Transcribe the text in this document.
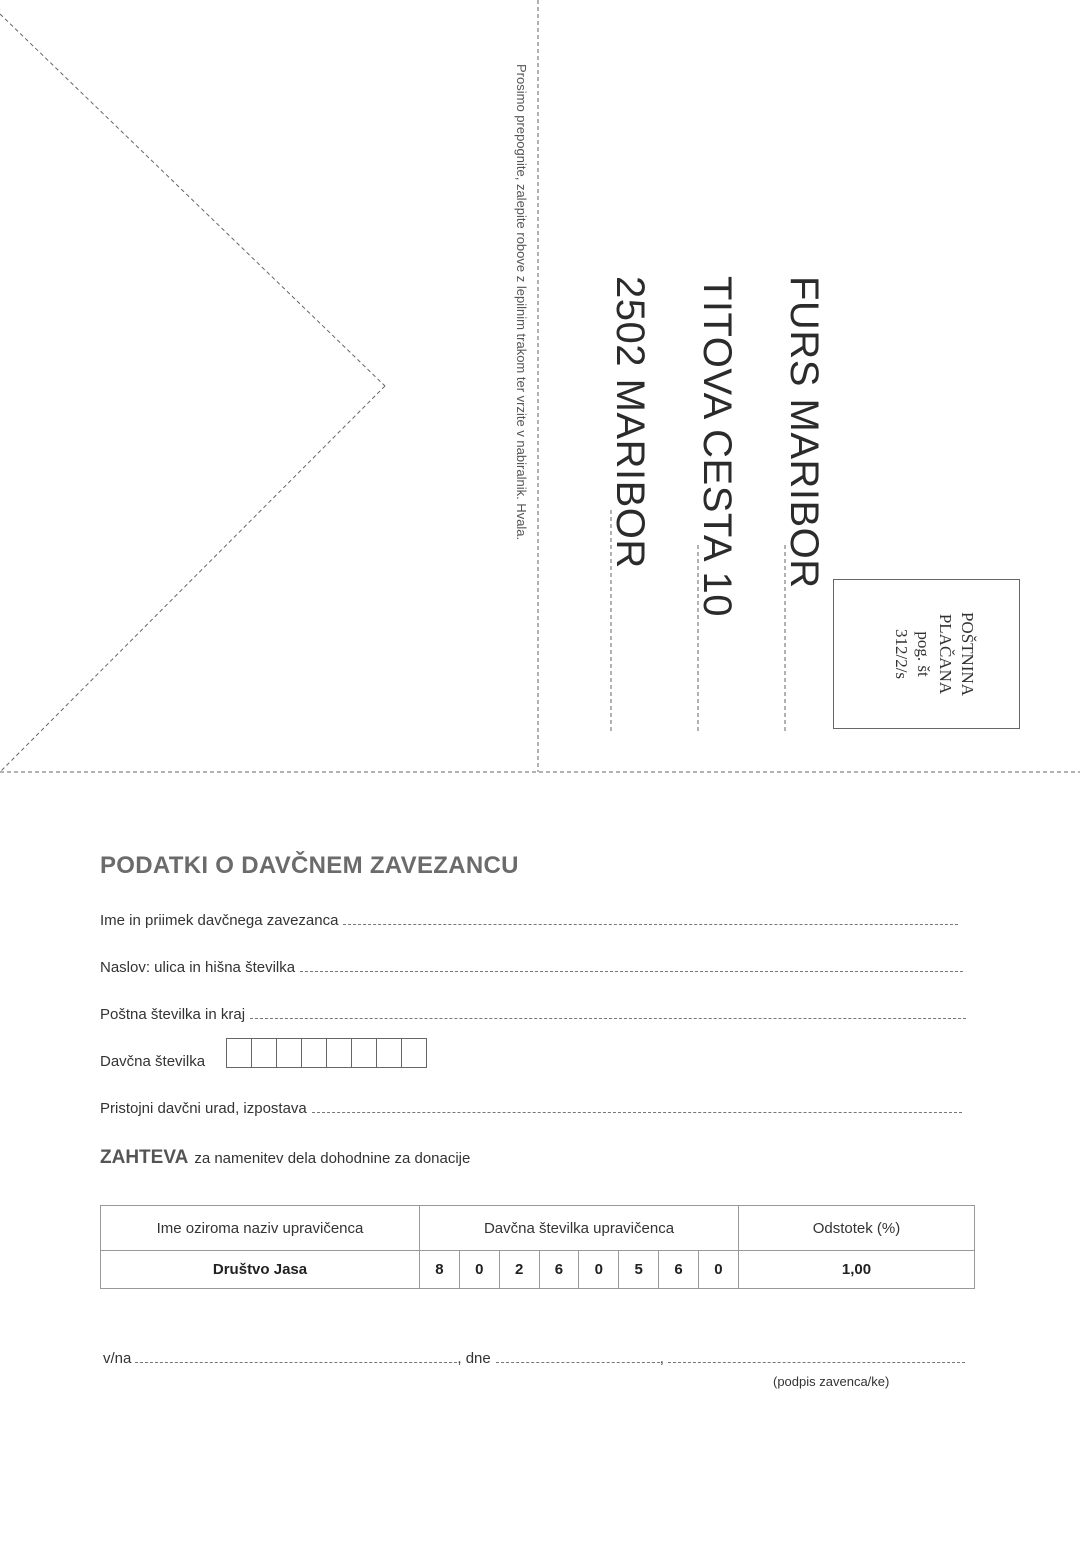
Prosimo prepognite, zalepite robove z lepilnim trakom ter vrzite v nabiralnik. Hvala.	FURS MARIBOR
TITOVA CESTA 10
2502 MARIBOR
POŠTNINA
PLAČANA
pog. št
312/2/s
PODATKI O DAVČNEM ZAVEZANCU
Ime in priimek davčnega zavezanca
Naslov: ulica in hišna številka
Poštna številka in kraj
Davčna številka
Pristojni davčni urad, izpostava
ZAHTEVA za namenitev dela dohodnine za donacije
Ime oziroma naziv upravičenca	Davčna številka upravičenca								Odstotek (%)
Društvo Jasa	8	0	2	6	0	5	6	0	1,00
v/na	, dne	,
(podpis zavenca/ke)
